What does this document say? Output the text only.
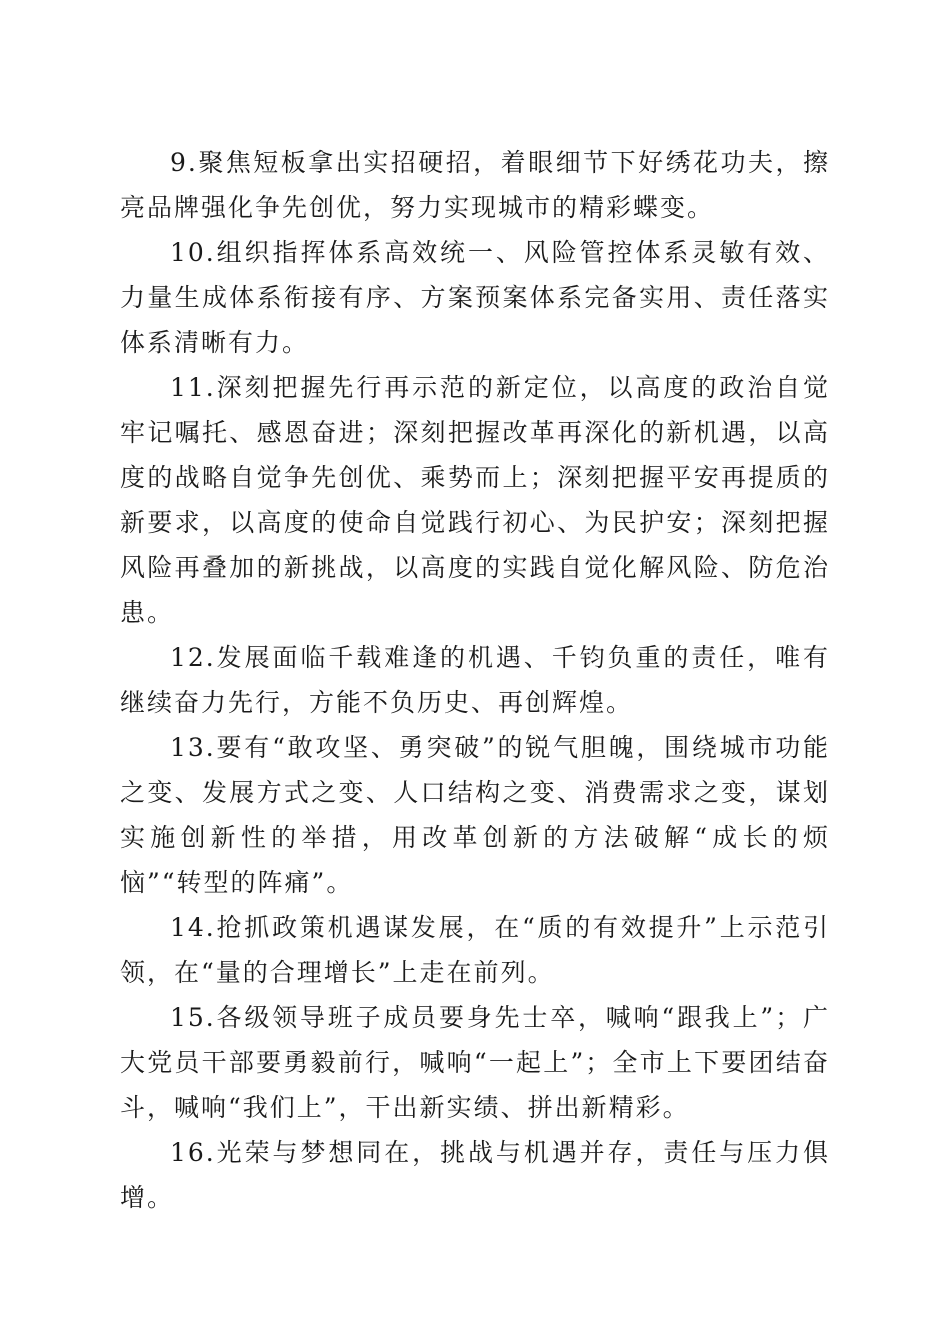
9.聚焦短板拿出实招硬招，着眼细节下好绣花功夫，擦亮品牌强化争先创优，努力实现城市的精彩蝶变。

10.组织指挥体系高效统一、风险管控体系灵敏有效、力量生成体系衔接有序、方案预案体系完备实用、责任落实体系清晰有力。

11.深刻把握先行再示范的新定位，以高度的政治自觉牢记嘱托、感恩奋进；深刻把握改革再深化的新机遇，以高度的战略自觉争先创优、乘势而上；深刻把握平安再提质的新要求，以高度的使命自觉践行初心、为民护安；深刻把握风险再叠加的新挑战，以高度的实践自觉化解风险、防危治患。

12.发展面临千载难逢的机遇、千钧负重的责任，唯有继续奋力先行，方能不负历史、再创辉煌。

13.要有“敢攻坚、勇突破”的锐气胆魄，围绕城市功能之变、发展方式之变、人口结构之变、消费需求之变，谋划实施创新性的举措，用改革创新的方法破解“成长的烦恼”“转型的阵痛”。

14.抢抓政策机遇谋发展，在“质的有效提升”上示范引领，在“量的合理增长”上走在前列。

15.各级领导班子成员要身先士卒，喊响“跟我上”；广大党员干部要勇毅前行，喊响“一起上”；全市上下要团结奋斗，喊响“我们上”，干出新实绩、拼出新精彩。

16.光荣与梦想同在，挑战与机遇并存，责任与压力俱增。
